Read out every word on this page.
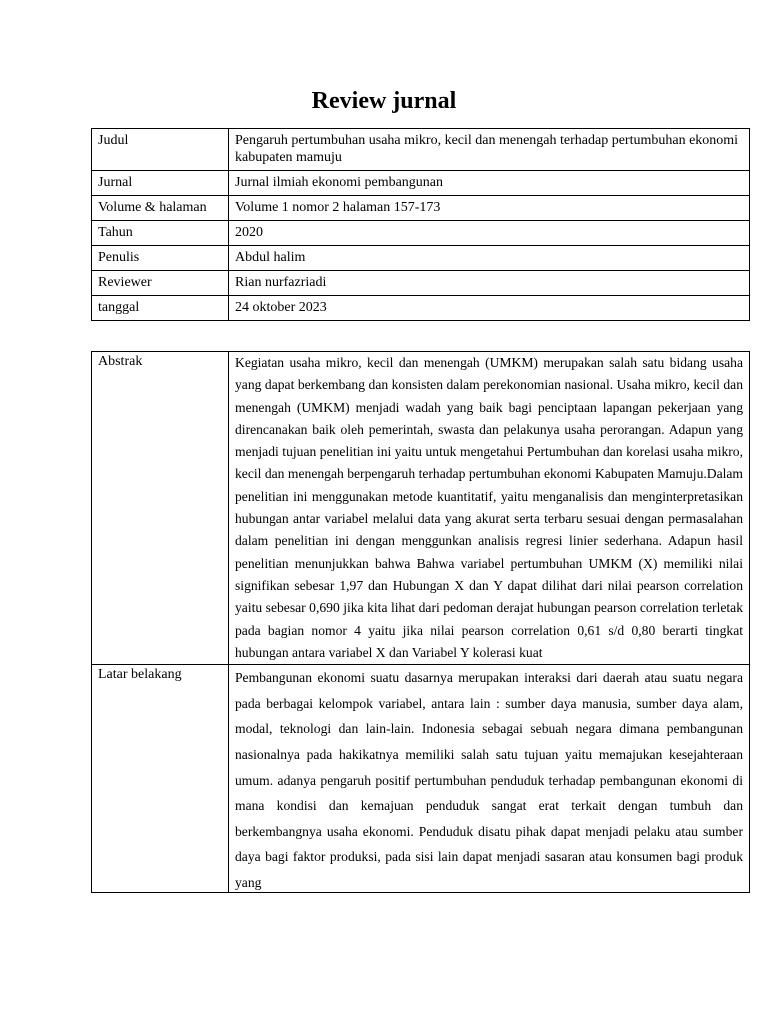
Review jurnal
Judul	Pengaruh pertumbuhan usaha mikro, kecil dan menengah terhadap pertumbuhan ekonomi kabupaten mamuju
Jurnal	Jurnal ilmiah ekonomi pembangunan
Volume & halaman	Volume 1 nomor 2 halaman 157-173
Tahun	2020
Penulis	Abdul halim
Reviewer	Rian nurfazriadi
tanggal	24 oktober 2023
Abstrak	Kegiatan usaha mikro, kecil dan menengah (UMKM) merupakan salah satu bidang usaha yang dapat berkembang dan konsisten dalam perekonomian nasional. Usaha mikro, kecil dan menengah (UMKM) menjadi wadah yang baik bagi penciptaan lapangan pekerjaan yang direncanakan baik oleh pemerintah, swasta dan pelakunya usaha perorangan. Adapun yang menjadi tujuan penelitian ini yaitu untuk mengetahui Pertumbuhan dan korelasi usaha mikro, kecil dan menengah berpengaruh terhadap pertumbuhan ekonomi Kabupaten Mamuju.Dalam penelitian ini menggunakan metode kuantitatif, yaitu menganalisis dan menginterpretasikan hubungan antar variabel melalui data yang akurat serta terbaru sesuai dengan permasalahan dalam penelitian ini dengan menggunkan analisis regresi linier sederhana. Adapun hasil penelitian menunjukkan bahwa Bahwa variabel pertumbuhan UMKM (X) memiliki nilai signifikan sebesar 1,97 dan Hubungan X dan Y dapat dilihat dari nilai pearson correlation yaitu sebesar 0,690 jika kita lihat dari pedoman derajat hubungan pearson correlation terletak pada bagian nomor 4 yaitu jika nilai pearson correlation 0,61 s/d 0,80 berarti tingkat hubungan antara variabel X dan Variabel Y kolerasi kuat
Latar belakang	Pembangunan ekonomi suatu dasarnya merupakan interaksi dari daerah atau suatu negara pada berbagai kelompok variabel, antara lain : sumber daya manusia, sumber daya alam, modal, teknologi dan lain-lain. Indonesia sebagai sebuah negara dimana pembangunan nasionalnya pada hakikatnya memiliki salah satu tujuan yaitu memajukan kesejahteraan umum. adanya pengaruh positif pertumbuhan penduduk terhadap pembangunan ekonomi di mana kondisi dan kemajuan penduduk sangat erat terkait dengan tumbuh dan berkembangnya usaha ekonomi. Penduduk disatu pihak dapat menjadi pelaku atau sumber daya bagi faktor produksi, pada sisi lain dapat menjadi sasaran atau konsumen bagi produk yang
